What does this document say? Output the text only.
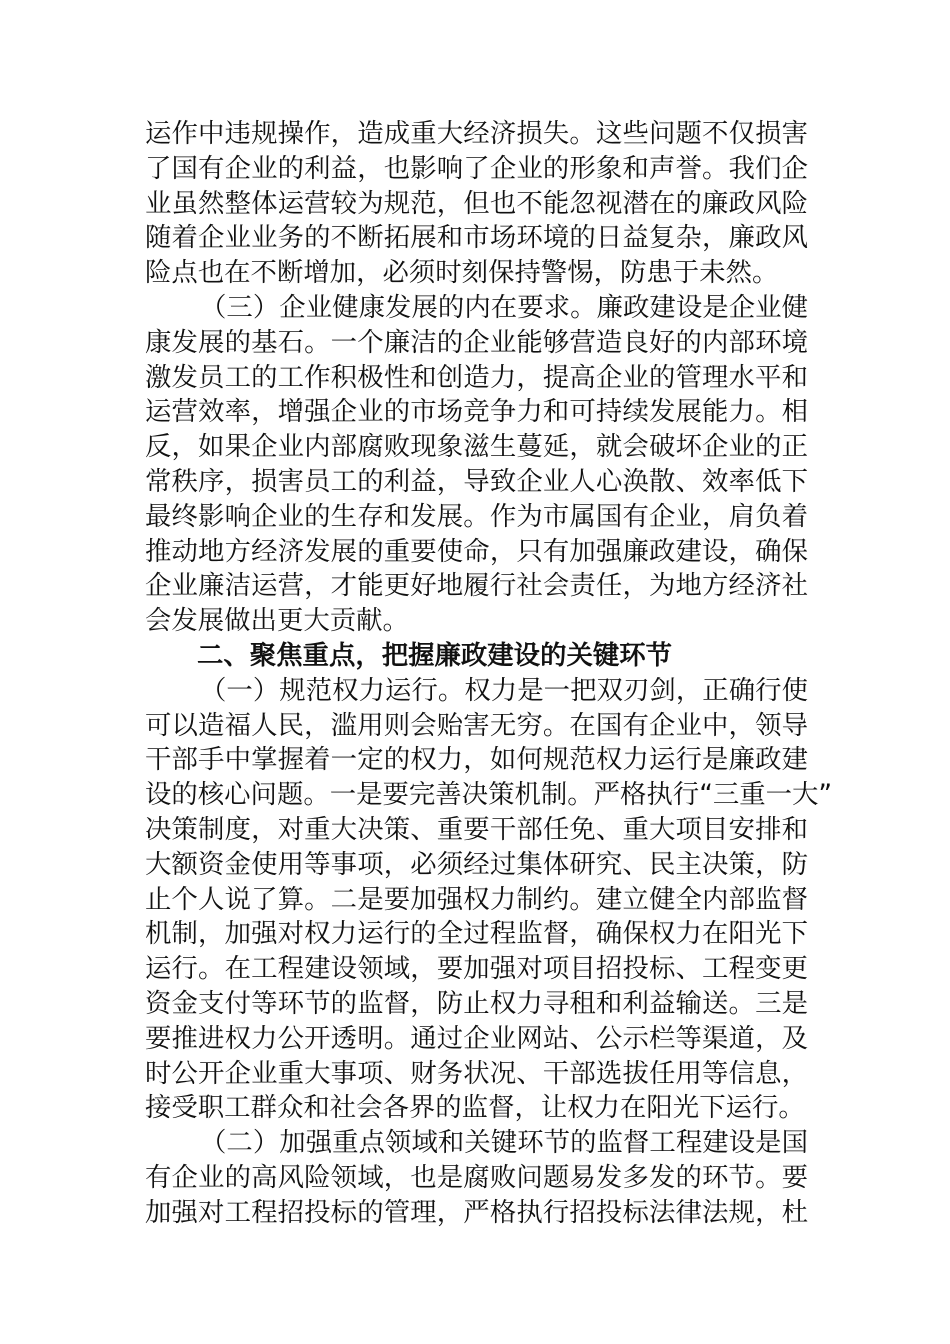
运作中违规操作，造成重大经济损失。这些问题不仅损害
了国有企业的利益，也影响了企业的形象和声誉。我们企
业虽然整体运营较为规范，但也不能忽视潜在的廉政风险
随着企业业务的不断拓展和市场环境的日益复杂，廉政风
险点也在不断增加，必须时刻保持警惕，防患于未然。
（三）企业健康发展的内在要求。廉政建设是企业健
康发展的基石。一个廉洁的企业能够营造良好的内部环境
激发员工的工作积极性和创造力，提高企业的管理水平和
运营效率，增强企业的市场竞争力和可持续发展能力。相
反，如果企业内部腐败现象滋生蔓延，就会破坏企业的正
常秩序，损害员工的利益，导致企业人心涣散、效率低下
最终影响企业的生存和发展。作为市属国有企业，肩负着
推动地方经济发展的重要使命，只有加强廉政建设，确保
企业廉洁运营，才能更好地履行社会责任，为地方经济社
会发展做出更大贡献。
二、聚焦重点，把握廉政建设的关键环节
（一）规范权力运行。权力是一把双刃剑，正确行使
可以造福人民，滥用则会贻害无穷。在国有企业中，领导
干部手中掌握着一定的权力，如何规范权力运行是廉政建
设的核心问题。一是要完善决策机制。严格执行“三重一大”
决策制度，对重大决策、重要干部任免、重大项目安排和
大额资金使用等事项，必须经过集体研究、民主决策，防
止个人说了算。二是要加强权力制约。建立健全内部监督
机制，加强对权力运行的全过程监督，确保权力在阳光下
运行。在工程建设领域，要加强对项目招投标、工程变更
资金支付等环节的监督，防止权力寻租和利益输送。三是
要推进权力公开透明。通过企业网站、公示栏等渠道，及
时公开企业重大事项、财务状况、干部选拔任用等信息，
接受职工群众和社会各界的监督，让权力在阳光下运行。
（二）加强重点领域和关键环节的监督工程建设是国
有企业的高风险领域，也是腐败问题易发多发的环节。要
加强对工程招投标的管理，严格执行招投标法律法规，杜
